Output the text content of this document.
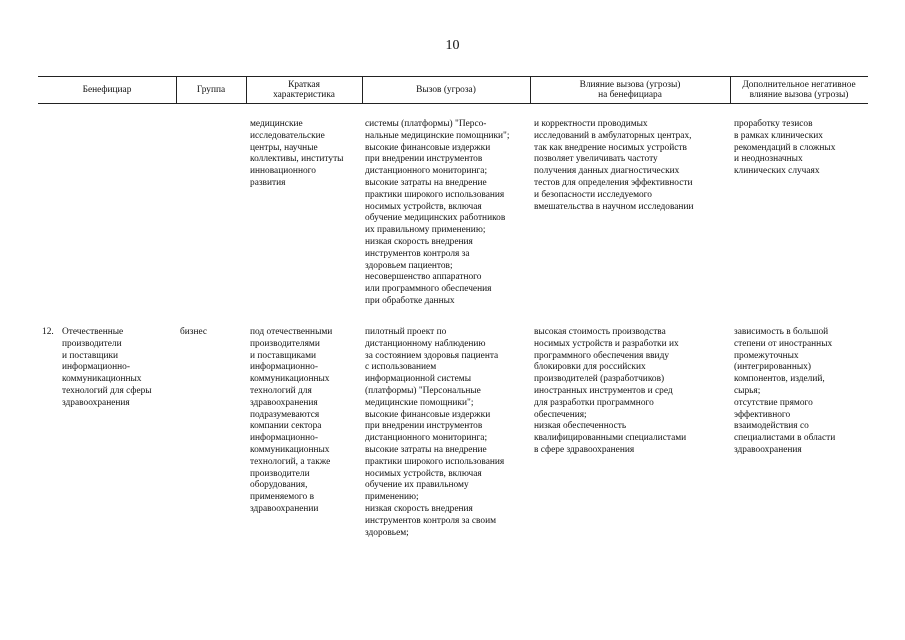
10
Бенефициар	Группа
Краткая
характеристика
Вызов (угроза)
Влияние вызова (угрозы)
на бенефициара
Дополнительное негативное
влияние вызова (угрозы)
медицинские
исследовательские
центры, научные
коллективы, институты
инновационного
развития
системы (платформы) "Персо-
нальные медицинские помощники";
высокие финансовые издержки
при внедрении инструментов
дистанционного мониторинга;
высокие затраты на внедрение
практики широкого использования
носимых устройств, включая
обучение медицинских работников
их правильному применению;
низкая скорость внедрения
инструментов контроля за
здоровьем пациентов;
несовершенство аппаратного
или программного обеспечения
при обработке данных
и корректности проводимых
исследований в амбулаторных центрах,
так как внедрение носимых устройств
позволяет увеличивать частоту
получения данных диагностических
тестов для определения эффективности
и безопасности исследуемого
вмешательства в научном исследовании
проработку тезисов
в рамках клинических
рекомендаций в сложных
и неоднозначных
клинических случаях
12. Отечественные
производители
и поставщики
информационно-
коммуникационных
технологий для сферы
здравоохранения
бизнес	под отечественными
производителями
и поставщиками
информационно-
коммуникационных
технологий для
здравоохранения
подразумеваются
компании сектора
информационно-
коммуникационных
технологий, а также
производители
оборудования,
применяемого в
здравоохранении
пилотный проект по
дистанционному наблюдению
за состоянием здоровья пациента
с использованием
информационной системы
(платформы) "Персональные
медицинские помощники";
высокие финансовые издержки
при внедрении инструментов
дистанционного мониторинга;
высокие затраты на внедрение
практики широкого использования
носимых устройств, включая
обучение их правильному
применению;
низкая скорость внедрения
инструментов контроля за своим
здоровьем;
высокая стоимость производства
носимых устройств и разработки их
программного обеспечения ввиду
блокировки для российских
производителей (разработчиков)
иностранных инструментов и сред
для разработки программного
обеспечения;
низкая обеспеченность
квалифицированными специалистами
в сфере здравоохранения
зависимость в большой
степени от иностранных
промежуточных
(интегрированных)
компонентов, изделий,
сырья;
отсутствие прямого
эффективного
взаимодействия со
специалистами в области
здравоохранения
